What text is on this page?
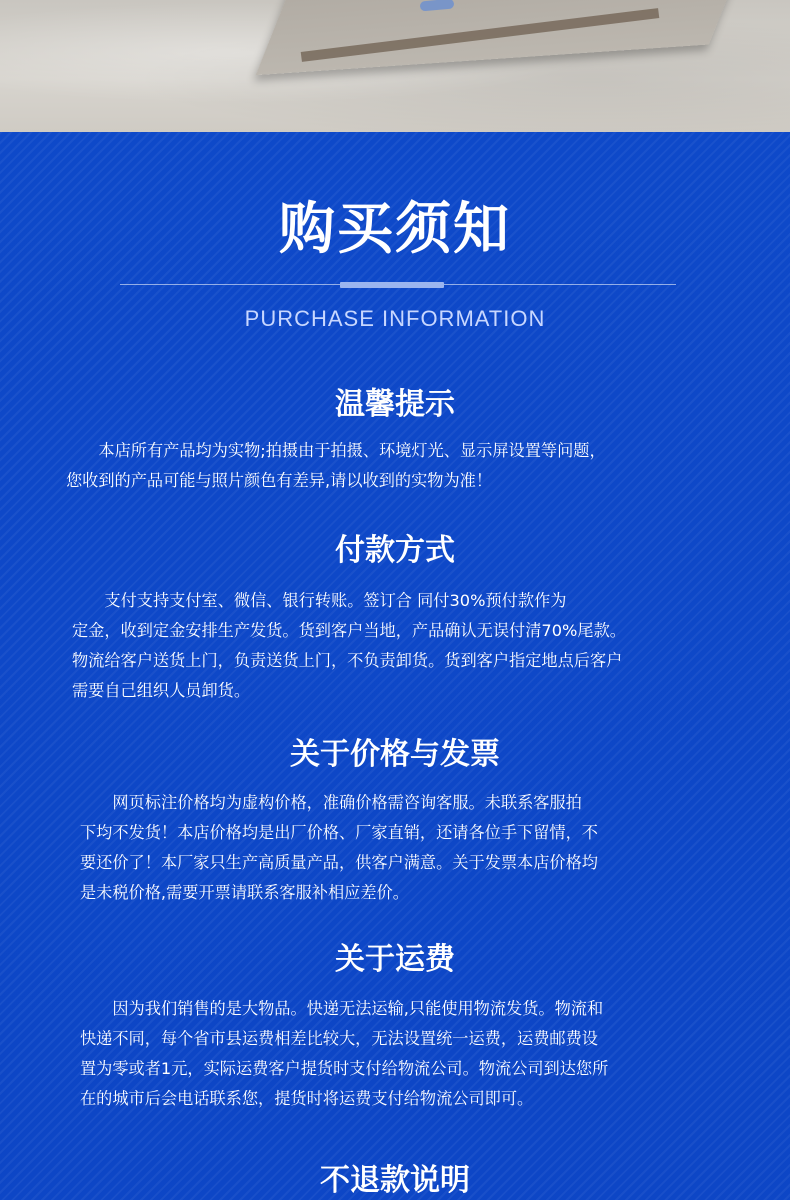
购买须知
PURCHASE INFORMATION
温馨提示

本店所有产品均为实物;拍摄由于拍摄、环境灯光、显示屏设置等问题，
您收到的产品可能与照片颜色有差异,请以收到的实物为准！

付款方式

支付支持支付室、微信、银行转账。签订合 同付30%预付款作为
定金，收到定金安排生产发货。货到客户当地，产品确认无误付清70%尾款。
物流给客户送货上门，负责送货上门，不负责卸货。货到客户指定地点后客户
需要自己组织人员卸货。

关于价格与发票

网页标注价格均为虚构价格，准确价格需咨询客服。未联系客服拍
下均不发货！本店价格均是出厂价格、厂家直销，还请各位手下留情，不
要还价了！本厂家只生产高质量产品，供客户满意。关于发票本店价格均
是未税价格,需要开票请联系客服补相应差价。

关于运费

因为我们销售的是大物品。快递无法运输,只能使用物流发货。物流和
快递不同，每个省市县运费相差比较大，无法设置统一运费，运费邮费设
置为零或者1元，实际运费客户提货时支付给物流公司。物流公司到达您所
在的城市后会电话联系您，提货时将运费支付给物流公司即可。

不退款说明
